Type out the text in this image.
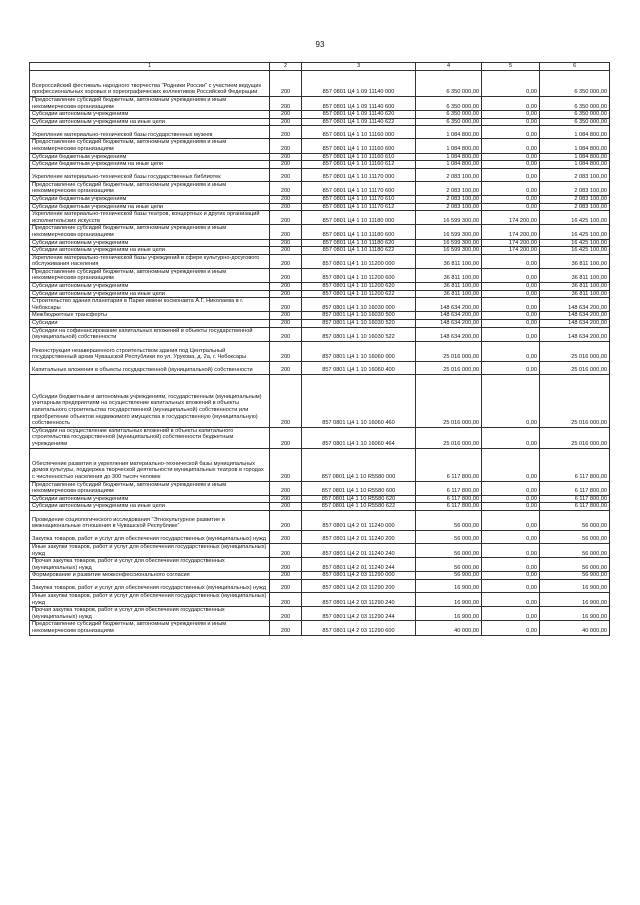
93
1	2	3	4	5	6
Всероссийский фестиваль народного творчества "Родники России" с участием ведущих профессиональных хоровых и хореографических коллективов Российской Федерации	200	857 0801 Ц4 1 09 11140 000	6 350 000,00	0,00	6 350 000,00
Предоставление субсидий бюджетным, автономным учреждениям и иным некоммерческим организациям	200	857 0801 Ц4 1 09 11140 600	6 350 000,00	0,00	6 350 000,00
Субсидии автономным учреждениям	200	857 0801 Ц4 1 09 11140 620	6 350 000,00	0,00	6 350 000,00
Субсидии автономным учреждениям на иные цели	200	857 0801 Ц4 1 09 11140 622	6 350 000,00	0,00	6 350 000,00
Укрепление материально-технической базы государственных музеев	200	857 0801 Ц4 1 10 11160 000	1 084 800,00	0,00	1 084 800,00
Предоставление субсидий бюджетным, автономным учреждениям и иным некоммерческим организациям	200	857 0801 Ц4 1 10 11160 600	1 084 800,00	0,00	1 084 800,00
Субсидии бюджетным учреждениям	200	857 0801 Ц4 1 10 11160 610	1 084 800,00	0,00	1 084 800,00
Субсидии бюджетным учреждениям на иные цели	200	857 0801 Ц4 1 10 11160 612	1 084 800,00	0,00	1 084 800,00
Укрепление материально-технической базы государственных библиотек	200	857 0801 Ц4 1 10 11170 000	2 083 100,00	0,00	2 083 100,00
Предоставление субсидий бюджетным, автономным учреждениям и иным некоммерческим организациям	200	857 0801 Ц4 1 10 11170 600	2 083 100,00	0,00	2 083 100,00
Субсидии бюджетным учреждениям	200	857 0801 Ц4 1 10 11170 610	2 083 100,00	0,00	2 083 100,00
Субсидии бюджетным учреждениям на иные цели	200	857 0801 Ц4 1 10 11170 612	2 083 100,00	0,00	2 083 100,00
Укрепление материально-технической базы театров, концертных и других организаций исполнительских искусств	200	857 0801 Ц4 1 10 11180 000	16 599 300,00	174 200,00	16 425 100,00
Предоставление субсидий бюджетным, автономным учреждениям и иным некоммерческим организациям	200	857 0801 Ц4 1 10 11180 600	16 599 300,00	174 200,00	16 425 100,00
Субсидии автономным учреждениям	200	857 0801 Ц4 1 10 11180 620	16 599 300,00	174 200,00	16 425 100,00
Субсидии автономным учреждениям на иные цели	200	857 0801 Ц4 1 10 11180 622	16 599 300,00	174 200,00	16 425 100,00
Укрепление материально-технической базы учреждений в сфере культурно-досугового обслуживания населения	200	857 0801 Ц4 1 10 11200 000	36 811 100,00	0,00	36 811 100,00
Предоставление субсидий бюджетным, автономным учреждениям и иным некоммерческим организациям	200	857 0801 Ц4 1 10 11200 600	36 811 100,00	0,00	36 811 100,00
Субсидии автономным учреждениям	200	857 0801 Ц4 1 10 11200 620	36 811 100,00	0,00	36 811 100,00
Субсидии автономным учреждениям на иные цели	200	857 0801 Ц4 1 10 11200 622	36 811 100,00	0,00	36 811 100,00
Строительство здания планетария в Парке имени космонавта А.Г. Николаева в г. Чебоксары	200	857 0801 Ц4 1 10 16030 000	148 634 200,00	0,00	148 634 200,00
Межбюджетные трансферты	200	857 0801 Ц4 1 10 16030 500	148 634 200,00	0,00	148 634 200,00
Субсидии	200	857 0801 Ц4 1 10 16030 520	148 634 200,00	0,00	148 634 200,00
Субсидии на софинансирование капитальных вложений в объекты государственной (муниципальной) собственности	200	857 0801 Ц4 1 10 16030 522	148 634 200,00	0,00	148 634 200,00
Реконструкция незавершенного строительством здания под Центральный государственный архив Чувашской Республики по ул. Урукова, д. 2а, г. Чебоксары	200	857 0801 Ц4 1 10 16060 000	25 016 000,00	0,00	25 016 000,00
Капитальные вложения в объекты государственной (муниципальной) собственности	200	857 0801 Ц4 1 10 16060 400	25 016 000,00	0,00	25 016 000,00
Субсидии бюджетным и автономным учреждениям, государственным (муниципальным) унитарным предприятиям на осуществление капитальных вложений в объекты капитального строительства государственной (муниципальной) собственности или приобретение объектов недвижимого имущества в государственную (муниципальную) собственность	200	857 0801 Ц4 1 10 16060 460	25 016 000,00	0,00	25 016 000,00
Субсидии на осуществление капитальных вложений в объекты капитального строительства государственной (муниципальной) собственности бюджетным учреждениям	200	857 0801 Ц4 1 10 16060 464	25 016 000,00	0,00	25 016 000,00
Обеспечение развития и укрепления материально-технической базы муниципальных домов культуры, поддержка творческой деятельности муниципальных театров в городах с численностью населения до 300 тысяч человек	200	857 0801 Ц4 1 10 R5580 000	6 117 800,00	0,00	6 117 800,00
Предоставление субсидий бюджетным, автономным учреждениям и иным некоммерческим организациям	200	857 0801 Ц4 1 10 R5580 600	6 117 800,00	0,00	6 117 800,00
Субсидии автономным учреждениям	200	857 0801 Ц4 1 10 R5580 620	6 117 800,00	0,00	6 117 800,00
Субсидии автономным учреждениям на иные цели	200	857 0801 Ц4 1 10 R5580 622	6 117 800,00	0,00	6 117 800,00
Проведение социологического исследования "Этнокультурное развитие и межнациональные отношения в Чувашской Республике"	200	857 0801 Ц4 2 01 11240 000	56 000,00	0,00	56 000,00
Закупка товаров, работ и услуг для обеспечения государственных (муниципальных) нужд	200	857 0801 Ц4 2 01 11240 200	56 000,00	0,00	56 000,00
Иные закупки товаров, работ и услуг для обеспечения государственных (муниципальных) нужд	200	857 0801 Ц4 2 01 11240 240	56 000,00	0,00	56 000,00
Прочая закупка товаров, работ и услуг для обеспечения государственных (муниципальных) нужд	200	857 0801 Ц4 2 01 11240 244	56 000,00	0,00	56 000,00
Формирование и развитие межконфессионального согласия	200	857 0801 Ц4 2 03 11290 000	56 900,00	0,00	56 900,00
Закупка товаров, работ и услуг для обеспечения государственных (муниципальных) нужд	200	857 0801 Ц4 2 03 11290 200	16 900,00	0,00	16 900,00
Иные закупки товаров, работ и услуг для обеспечения государственных (муниципальных) нужд	200	857 0801 Ц4 2 03 11290 240	16 900,00	0,00	16 900,00
Прочая закупка товаров, работ и услуг для обеспечения государственных (муниципальных) нужд	200	857 0801 Ц4 2 03 11290 244	16 900,00	0,00	16 900,00
Предоставление субсидий бюджетным, автономным учреждениям и иным некоммерческим организациям	200	857 0801 Ц4 2 03 11290 600	40 000,00	0,00	40 000,00
